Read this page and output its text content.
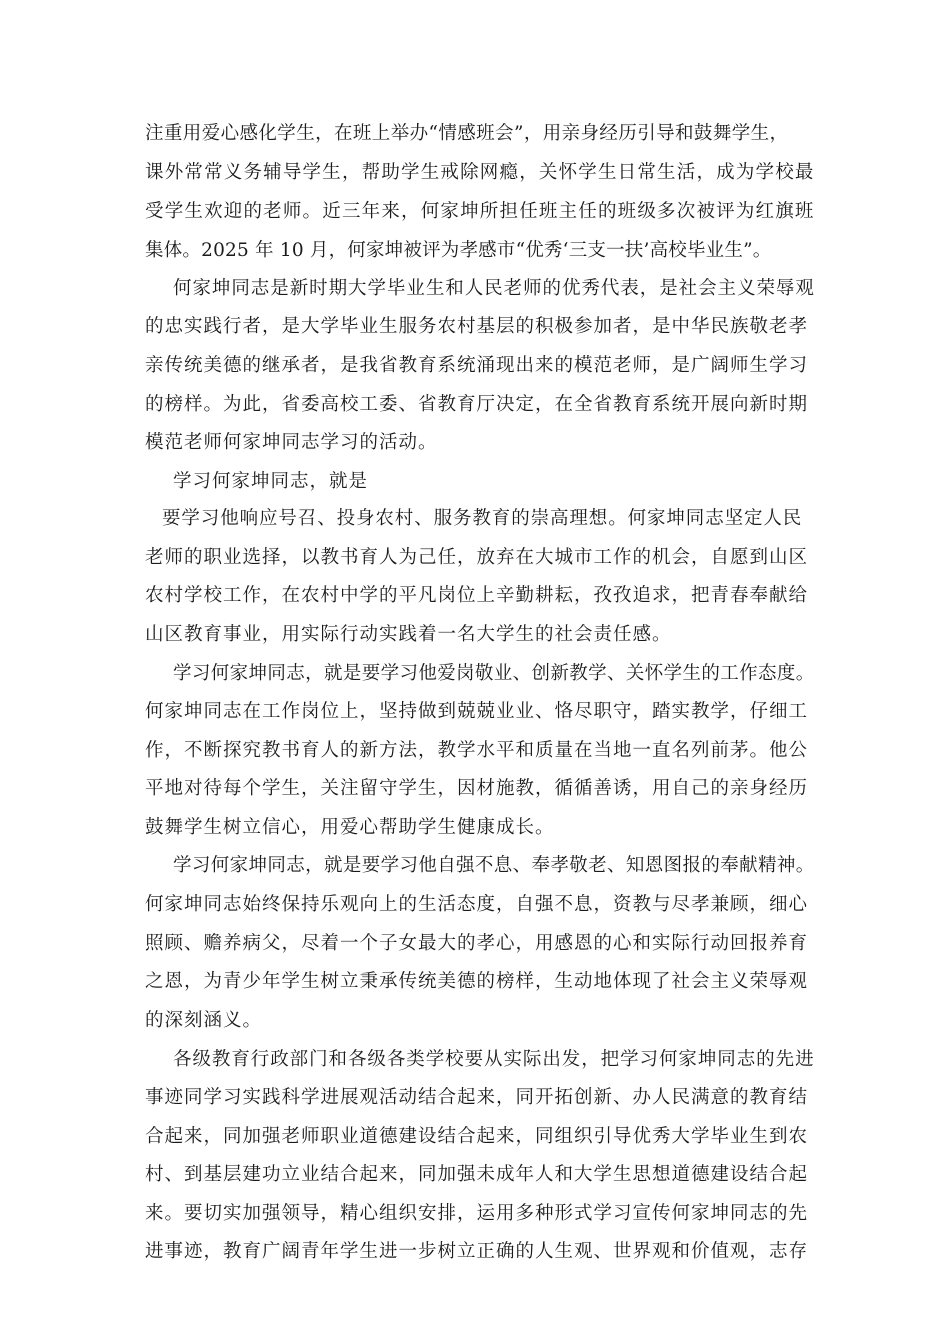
注重用爱心感化学生，在班上举办“情感班会”，用亲身经历引导和鼓舞学生，
课外常常义务辅导学生，帮助学生戒除网瘾，关怀学生日常生活，成为学校最
受学生欢迎的老师。近三年来，何家坤所担任班主任的班级多次被评为红旗班
集体。2025 年 10 月，何家坤被评为孝感市“优秀‘三支一扶’高校毕业生”。
何家坤同志是新时期大学毕业生和人民老师的优秀代表，是社会主义荣辱观
的忠实践行者，是大学毕业生服务农村基层的积极参加者，是中华民族敬老孝
亲传统美德的继承者，是我省教育系统涌现出来的模范老师，是广阔师生学习
的榜样。为此，省委高校工委、省教育厅决定，在全省教育系统开展向新时期
模范老师何家坤同志学习的活动。
学习何家坤同志，就是
要学习他响应号召、投身农村、服务教育的崇高理想。何家坤同志坚定人民
老师的职业选择，以教书育人为己任，放弃在大城市工作的机会，自愿到山区
农村学校工作，在农村中学的平凡岗位上辛勤耕耘，孜孜追求，把青春奉献给
山区教育事业，用实际行动实践着一名大学生的社会责任感。
学习何家坤同志，就是要学习他爱岗敬业、创新教学、关怀学生的工作态度。
何家坤同志在工作岗位上，坚持做到兢兢业业、恪尽职守，踏实教学，仔细工
作，不断探究教书育人的新方法，教学水平和质量在当地一直名列前茅。他公
平地对待每个学生，关注留守学生，因材施教，循循善诱，用自己的亲身经历
鼓舞学生树立信心，用爱心帮助学生健康成长。
学习何家坤同志，就是要学习他自强不息、奉孝敬老、知恩图报的奉献精神。
何家坤同志始终保持乐观向上的生活态度，自强不息，资教与尽孝兼顾，细心
照顾、赡养病父，尽着一个子女最大的孝心，用感恩的心和实际行动回报养育
之恩，为青少年学生树立秉承传统美德的榜样，生动地体现了社会主义荣辱观
的深刻涵义。
各级教育行政部门和各级各类学校要从实际出发，把学习何家坤同志的先进
事迹同学习实践科学进展观活动结合起来，同开拓创新、办人民满意的教育结
合起来，同加强老师职业道德建设结合起来，同组织引导优秀大学毕业生到农
村、到基层建功立业结合起来，同加强未成年人和大学生思想道德建设结合起
来。要切实加强领导，精心组织安排，运用多种形式学习宣传何家坤同志的先
进事迹，教育广阔青年学生进一步树立正确的人生观、世界观和价值观，志存
